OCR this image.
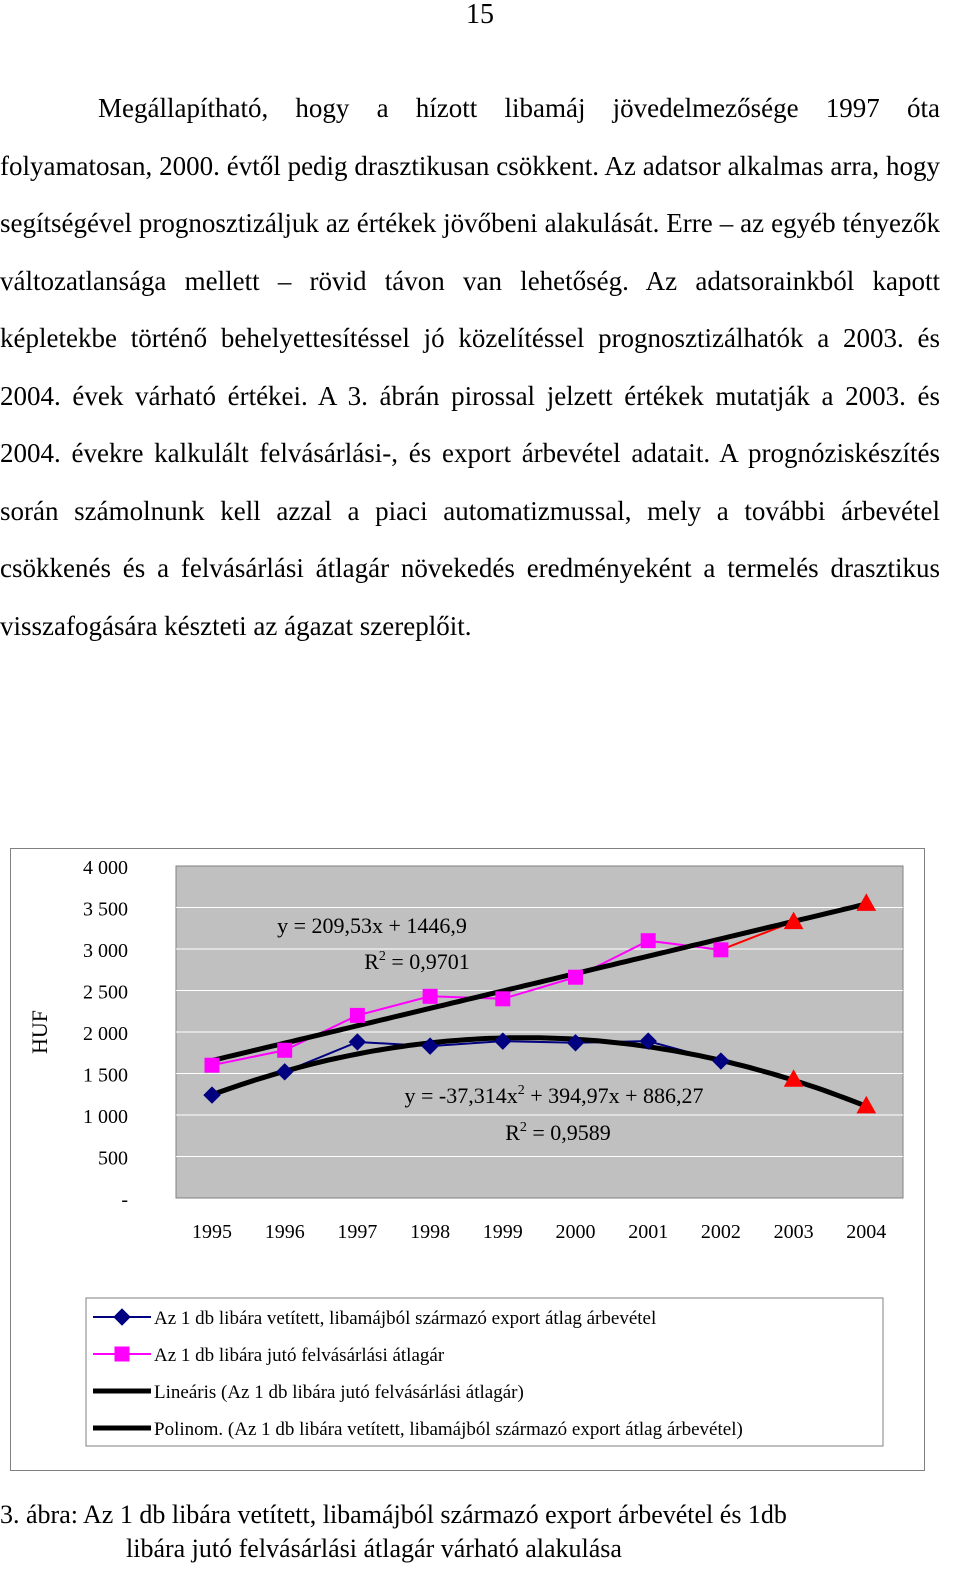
15

Megállapítható, hogy a hízott libamáj jövedelmezősége 1997 óta folyamatosan, 2000. évtől pedig drasztikusan csökkent. Az adatsor alkalmas arra, hogy segítségével prognosztizáljuk az értékek jövőbeni alakulását. Erre – az egyéb tényezők változatlansága mellett – rövid távon van lehetőség. Az adatsorainkból kapott képletekbe történő behelyettesítéssel jó közelítéssel prognosztizálhatók a 2003. és 2004. évek várható értékei. A 3. ábrán pirossal jelzett értékek mutatják a 2003. és 2004. évekre kalkulált felvásárlási-, és export árbevétel adatait. A prognóziskészítés során számolnunk kell azzal a piaci automatizmussal, mely a további árbevétel csökkenés és a felvásárlási átlagár növekedés eredményeként a termelés drasztikus visszafogására készteti az ágazat szereplőit.

4 000
3 500
3 000
2 500
2 000
1 500
1 000
500
-
1995 1996 1997 1998 1999 2000 2001 2002 2003 2004
HUF
y = 209,53x + 1446,9
$R^2 = 0,9701$
$y = -37,314x^2 + 394,97x + 886,27$
$R^2 = 0,9589$
Az 1 db libára vetített, libamájból származó export átlag árbevétel
Az 1 db libára jutó felvásárlási átlagár
Lineáris (Az 1 db libára jutó felvásárlási átlagár)
Polinom. (Az 1 db libára vetített, libamájból származó export átlag árbevétel)
3. ábra: Az 1 db libára vetített, libamájból származó export árbevétel és 1db
libára jutó felvásárlási átlagár várható alakulása
